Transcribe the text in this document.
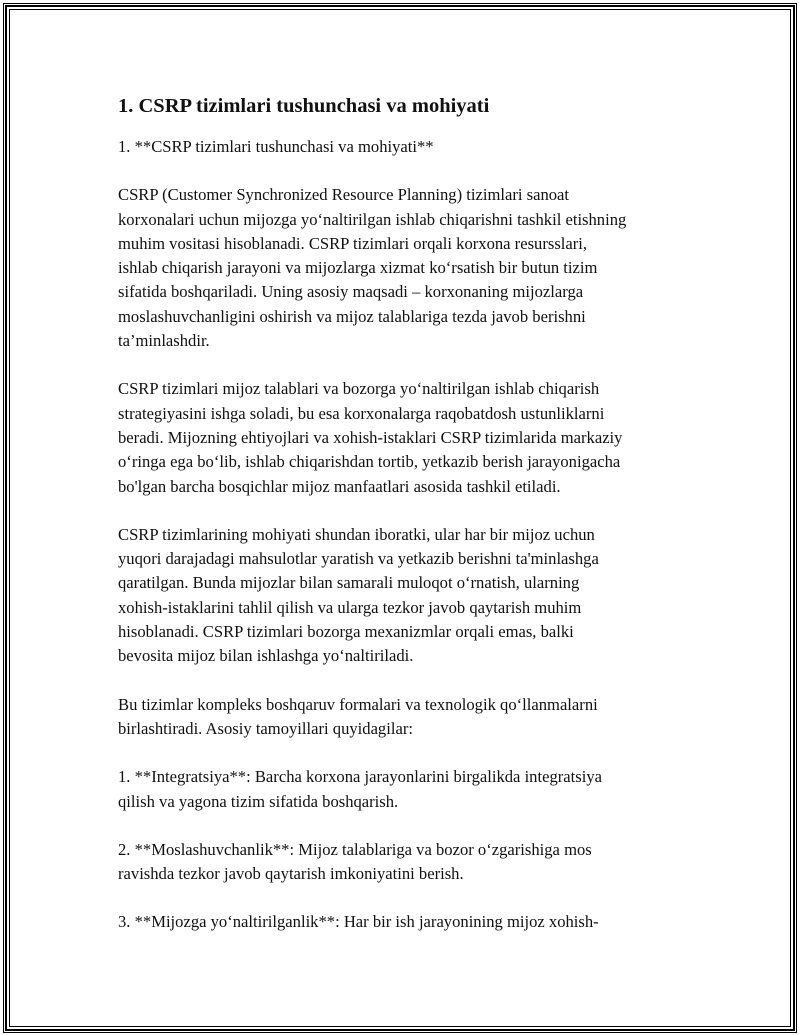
1. CSRP tizimlari tushunchasi va mohiyati

1. **CSRP tizimlari tushunchasi va mohiyati**

CSRP (Customer Synchronized Resource Planning) tizimlari sanoat
korxonalari uchun mijozga yo‘naltirilgan ishlab chiqarishni tashkil etishning
muhim vositasi hisoblanadi. CSRP tizimlari orqali korxona resursslari,
ishlab chiqarish jarayoni va mijozlarga xizmat ko‘rsatish bir butun tizim
sifatida boshqariladi. Uning asosiy maqsadi – korxonaning mijozlarga
moslashuvchanligini oshirish va mijoz talablariga tezda javob berishni
ta’minlashdir.

CSRP tizimlari mijoz talablari va bozorga yo‘naltirilgan ishlab chiqarish
strategiyasini ishga soladi, bu esa korxonalarga raqobatdosh ustunliklarni
beradi. Mijozning ehtiyojlari va xohish-istaklari CSRP tizimlarida markaziy
o‘ringa ega bo‘lib, ishlab chiqarishdan tortib, yetkazib berish jarayonigacha
bo'lgan barcha bosqichlar mijoz manfaatlari asosida tashkil etiladi.

CSRP tizimlarining mohiyati shundan iboratki, ular har bir mijoz uchun
yuqori darajadagi mahsulotlar yaratish va yetkazib berishni ta'minlashga
qaratilgan. Bunda mijozlar bilan samarali muloqot o‘rnatish, ularning
xohish-istaklarini tahlil qilish va ularga tezkor javob qaytarish muhim
hisoblanadi. CSRP tizimlari bozorga mexanizmlar orqali emas, balki
bevosita mijoz bilan ishlashga yo‘naltiriladi.

Bu tizimlar kompleks boshqaruv formalari va texnologik qo‘llanmalarni
birlashtiradi. Asosiy tamoyillari quyidagilar:

1. **Integratsiya**: Barcha korxona jarayonlarini birgalikda integratsiya
qilish va yagona tizim sifatida boshqarish.

2. **Moslashuvchanlik**: Mijoz talablariga va bozor o‘zgarishiga mos
ravishda tezkor javob qaytarish imkoniyatini berish.

3. **Mijozga yo‘naltirilganlik**: Har bir ish jarayonining mijoz xohish-
